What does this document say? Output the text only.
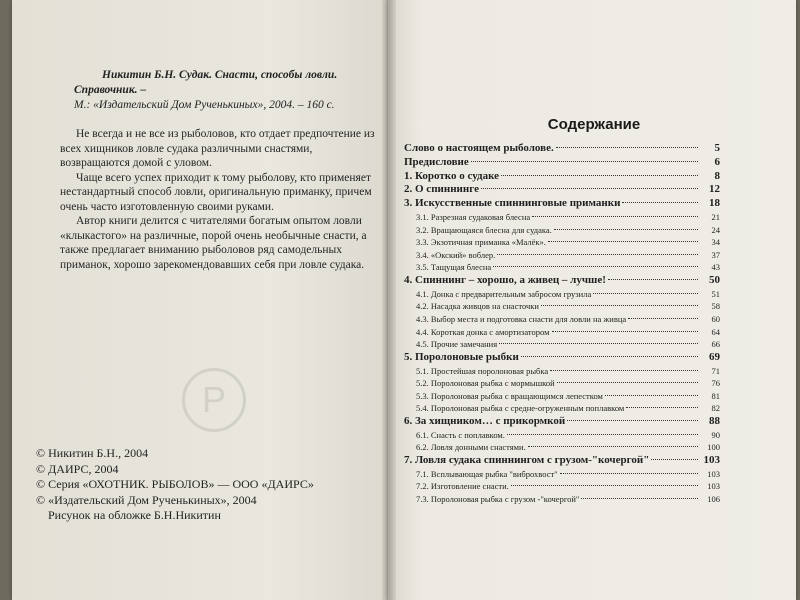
Р
Никитин Б.Н. Судак. Снасти, способы ловли. Справочник. –
М.: «Издательский Дом Рученькиных», 2004. – 160 с.

Не всегда и не все из рыболовов, кто отдает предпочтение из всех хищников ловле судака различными снастями, возвращаются домой с уловом.

Чаще всего успех приходит к тому рыболову, кто применяет нестандартный способ ловли, оригинальную приманку, причем очень часто изготовленную своими руками.

Автор книги делится с читателями богатым опытом ловли «клыкастого» на различные, порой очень необычные снасти, а также предлагает вниманию рыболовов ряд самодельных приманок, хорошо зарекомендовавших себя при ловле судака.

© Никитин Б.Н., 2004
© ДАИРС, 2004
© Серия «ОХОТНИК. РЫБОЛОВ» — ООО «ДАИРС»
© «Издательский Дом Рученькиных», 2004
Рисунок на обложке Б.Н.Никитин
Содержание
Слово о настоящем рыболове.	5
Предисловие	6
1. Коротко о судаке	8
2. О спиннинге	12
3. Искусственные спиннинговые приманки	18
3.1. Разрезная судаковая блесна	21
3.2. Вращающаяся блесна для судака.	24
3.3. Экзотичная приманка «Малёк».	34
3.4. «Окский» воблер.	37
3.5. Тащущая блесна	43
4. Спиннинг – хорошо, а живец – лучше!	50
4.1. Донка с предварительным забросом грузила	51
4.2. Насадка живцов на снасточки	58
4.3. Выбор места и подготовка снасти для ловли на живца	60
4.4. Короткая донка с амортизатором	64
4.5. Прочие замечания	66
5. Поролоновые рыбки	69
5.1. Простейшая поролоновая рыбка	71
5.2. Поролоновая рыбка с мормышкой	76
5.3. Поролоновая рыбка с вращающимся лепестком	81
5.4. Поролоновая рыбка с средне-огруженным поплавком	82
6. За хищником… с прикормкой	88
6.1. Снасть с поплавком.	90
6.2. Ловля донными снастями.	100
7. Ловля судака спиннингом с грузом-"кочергой"	103
7.1. Всплывающая рыбка "виброхвост"	103
7.2. Изготовление снасти.	103
7.3. Поролоновая рыбка с грузом -"кочергой"	106
